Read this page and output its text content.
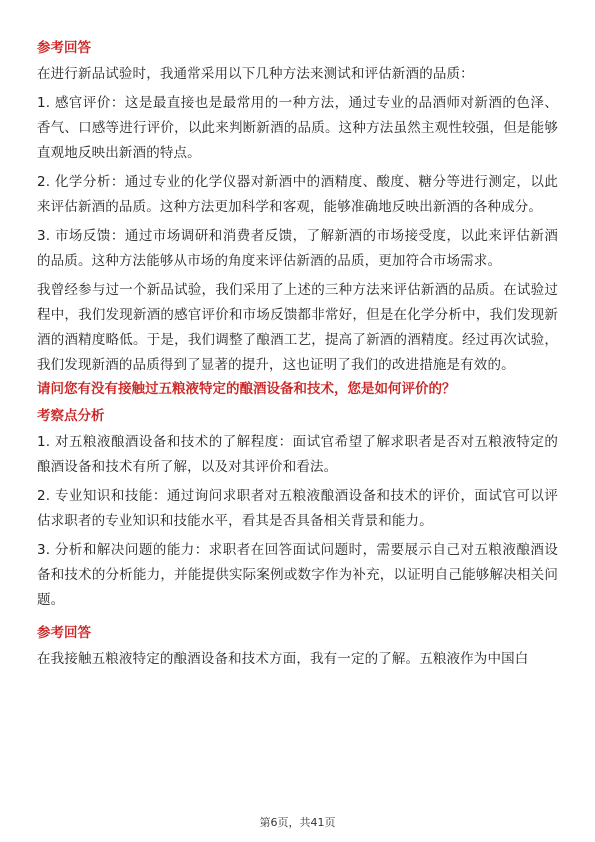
参考回答

在进行新品试验时，我通常采用以下几种方法来测试和评估新酒的品质：

1. 感官评价：这是最直接也是最常用的一种方法，通过专业的品酒师对新酒的色泽、香气、口感等进行评价，以此来判断新酒的品质。这种方法虽然主观性较强，但是能够直观地反映出新酒的特点。

2. 化学分析：通过专业的化学仪器对新酒中的酒精度、酸度、糖分等进行测定，以此来评估新酒的品质。这种方法更加科学和客观，能够准确地反映出新酒的各种成分。

3. 市场反馈：通过市场调研和消费者反馈，了解新酒的市场接受度，以此来评估新酒的品质。这种方法能够从市场的角度来评估新酒的品质，更加符合市场需求。

我曾经参与过一个新品试验，我们采用了上述的三种方法来评估新酒的品质。在试验过程中，我们发现新酒的感官评价和市场反馈都非常好，但是在化学分析中，我们发现新酒的酒精度略低。于是，我们调整了酿酒工艺，提高了新酒的酒精度。经过再次试验，我们发现新酒的品质得到了显著的提升，这也证明了我们的改进措施是有效的。

请问您有没有接触过五粮液特定的酿酒设备和技术，您是如何评价的？

考察点分析

1. 对五粮液酿酒设备和技术的了解程度：面试官希望了解求职者是否对五粮液特定的酿酒设备和技术有所了解，以及对其评价和看法。

2. 专业知识和技能：通过询问求职者对五粮液酿酒设备和技术的评价，面试官可以评估求职者的专业知识和技能水平，看其是否具备相关背景和能力。

3. 分析和解决问题的能力：求职者在回答面试问题时，需要展示自己对五粮液酿酒设备和技术的分析能力，并能提供实际案例或数字作为补充，以证明自己能够解决相关问题。

参考回答

在我接触五粮液特定的酿酒设备和技术方面，我有一定的了解。五粮液作为中国白

第6页，共41页
